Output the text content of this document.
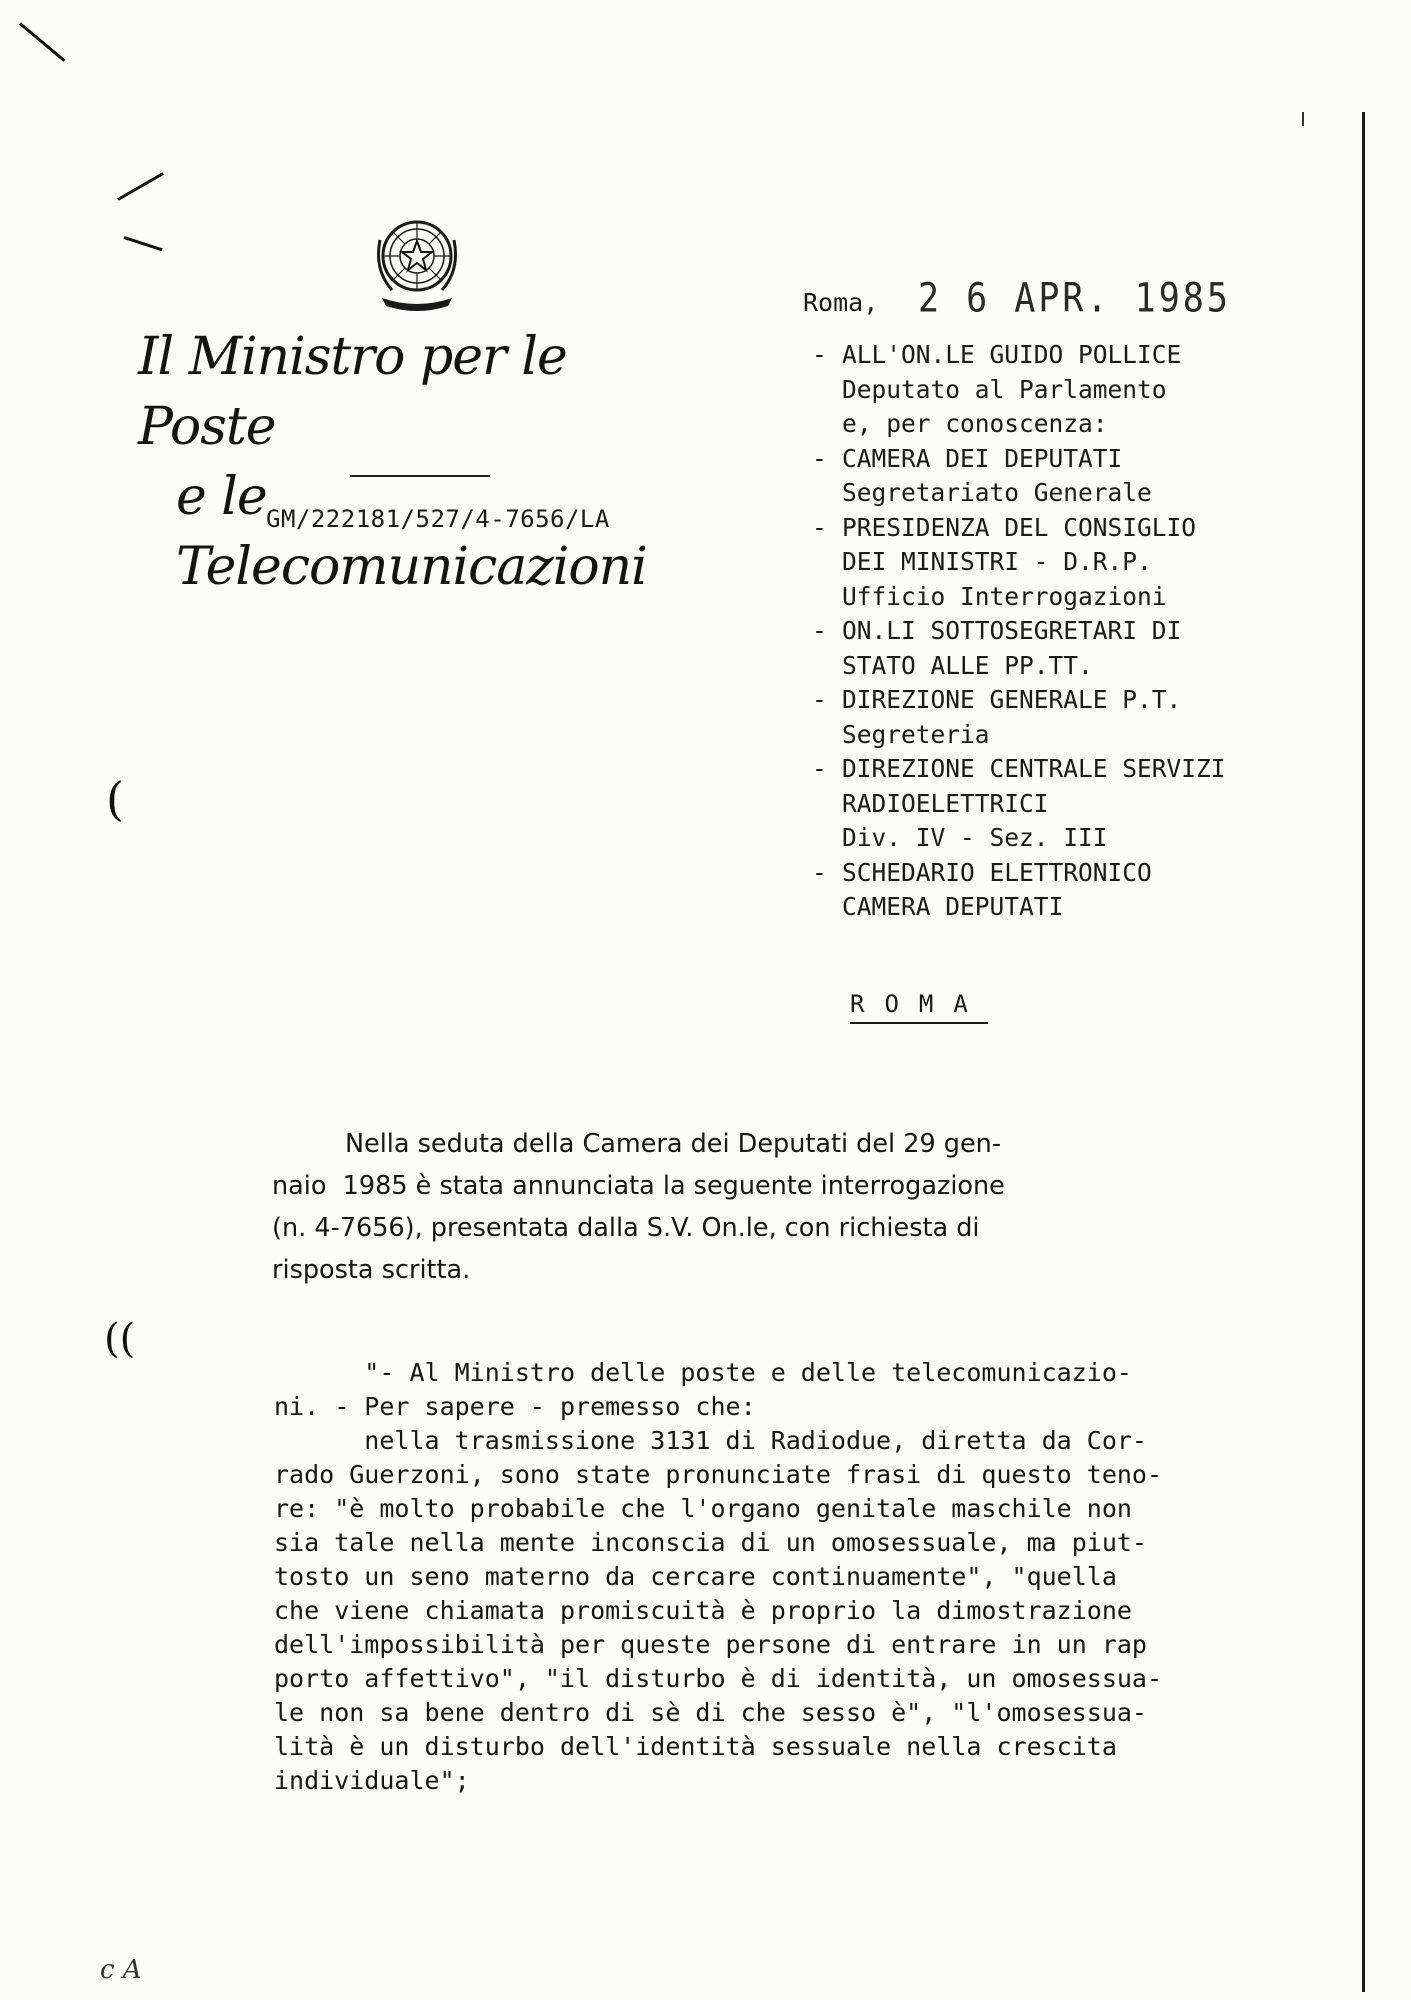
(
((
c A
Il Ministro per le Poste
e le Telecomunicazioni
GM/222181/527/4-7656/LA
Roma, 2 6 APR. 1985
- ALL'ON.LE GUIDO POLLICE
Deputato al Parlamento
e, per conoscenza:
- CAMERA DEI DEPUTATI
Segretariato Generale
- PRESIDENZA DEL CONSIGLIO
DEI MINISTRI - D.R.P.
Ufficio Interrogazioni
- ON.LI SOTTOSEGRETARI DI
STATO ALLE PP.TT.
- DIREZIONE GENERALE P.T.
Segreteria
- DIREZIONE CENTRALE SERVIZI
RADIOELETTRICI
Div. IV - Sez. III
- SCHEDARIO ELETTRONICO
CAMERA DEPUTATI
ROMA
Nella seduta della Camera dei Deputati del 29 gen-
naio  1985 è stata annunciata la seguente interrogazione
(n. 4-7656), presentata dalla S.V. On.le, con richiesta di
risposta scritta.
"- Al Ministro delle poste e delle telecomunicazio-
ni. - Per sapere - premesso che:
nella trasmissione 3131 di Radiodue, diretta da Cor-
rado Guerzoni, sono state pronunciate frasi di questo teno-
re: "è molto probabile che l'organo genitale maschile non
sia tale nella mente inconscia di un omosessuale, ma piut-
tosto un seno materno da cercare continuamente", "quella
che viene chiamata promiscuità è proprio la dimostrazione
dell'impossibilità per queste persone di entrare in un rap
porto affettivo", "il disturbo è di identità, un omosessua-
le non sa bene dentro di sè di che sesso è", "l'omosessua-
lità è un disturbo dell'identità sessuale nella crescita
individuale";
